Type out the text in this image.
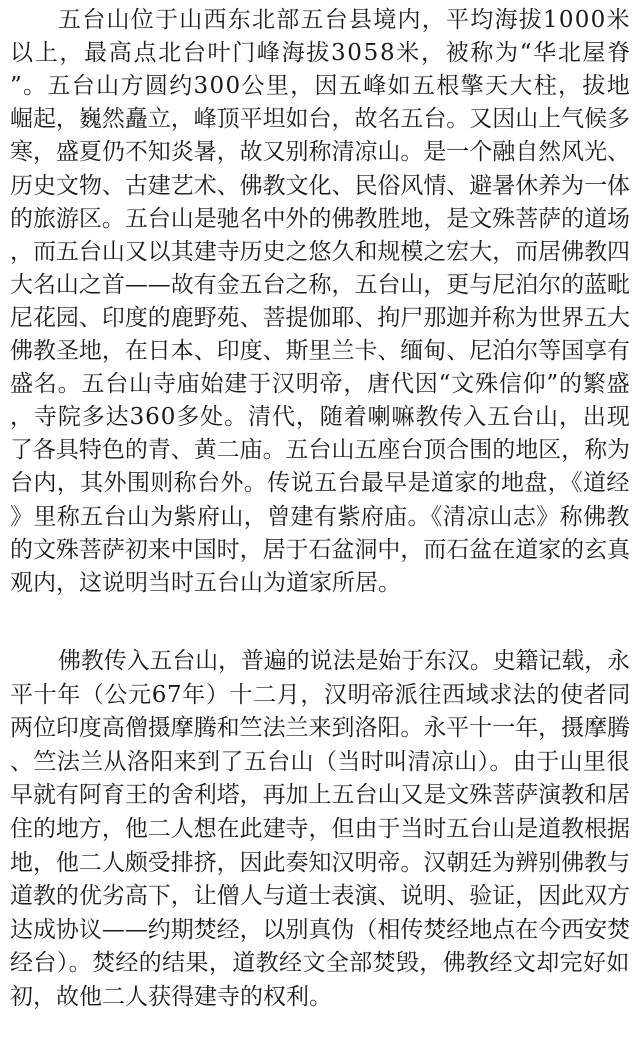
五台山位于山西东北部五台县境内，平均海拔1000米
以上，最高点北台叶门峰海拔3058米，被称为“华北屋脊
”。五台山方圆约300公里，因五峰如五根擎天大柱，拔地
崛起，巍然矗立，峰顶平坦如台，故名五台。又因山上气候多
寒，盛夏仍不知炎暑，故又别称清凉山。是一个融自然风光、
历史文物、古建艺术、佛教文化、民俗风情、避暑休养为一体
的旅游区。五台山是驰名中外的佛教胜地，是文殊菩萨的道场
，而五台山又以其建寺历史之悠久和规模之宏大，而居佛教四
大名山之首——故有金五台之称，五台山，更与尼泊尔的蓝毗
尼花园、印度的鹿野苑、菩提伽耶、拘尸那迦并称为世界五大
佛教圣地，在日本、印度、斯里兰卡、缅甸、尼泊尔等国享有
盛名。五台山寺庙始建于汉明帝，唐代因“文殊信仰”的繁盛
，寺院多达360多处。清代，随着喇嘛教传入五台山，出现
了各具特色的青、黄二庙。五台山五座台顶合围的地区，称为
台内，其外围则称台外。传说五台最早是道家的地盘，《道经
》里称五台山为紫府山，曾建有紫府庙。《清凉山志》称佛教
的文殊菩萨初来中国时，居于石盆洞中，而石盆在道家的玄真
观内，这说明当时五台山为道家所居。
佛教传入五台山，普遍的说法是始于东汉。史籍记载，永
平十年（公元67年）十二月，汉明帝派往西域求法的使者同
两位印度高僧摄摩腾和竺法兰来到洛阳。永平十一年，摄摩腾
、竺法兰从洛阳来到了五台山（当时叫清凉山）。由于山里很
早就有阿育王的舍利塔，再加上五台山又是文殊菩萨演教和居
住的地方，他二人想在此建寺，但由于当时五台山是道教根据
地，他二人颇受排挤，因此奏知汉明帝。汉朝廷为辨别佛教与
道教的优劣高下，让僧人与道士表演、说明、验证，因此双方
达成协议——约期焚经，以别真伪（相传焚经地点在今西安焚
经台）。焚经的结果，道教经文全部焚毁，佛教经文却完好如
初，故他二人获得建寺的权利。
